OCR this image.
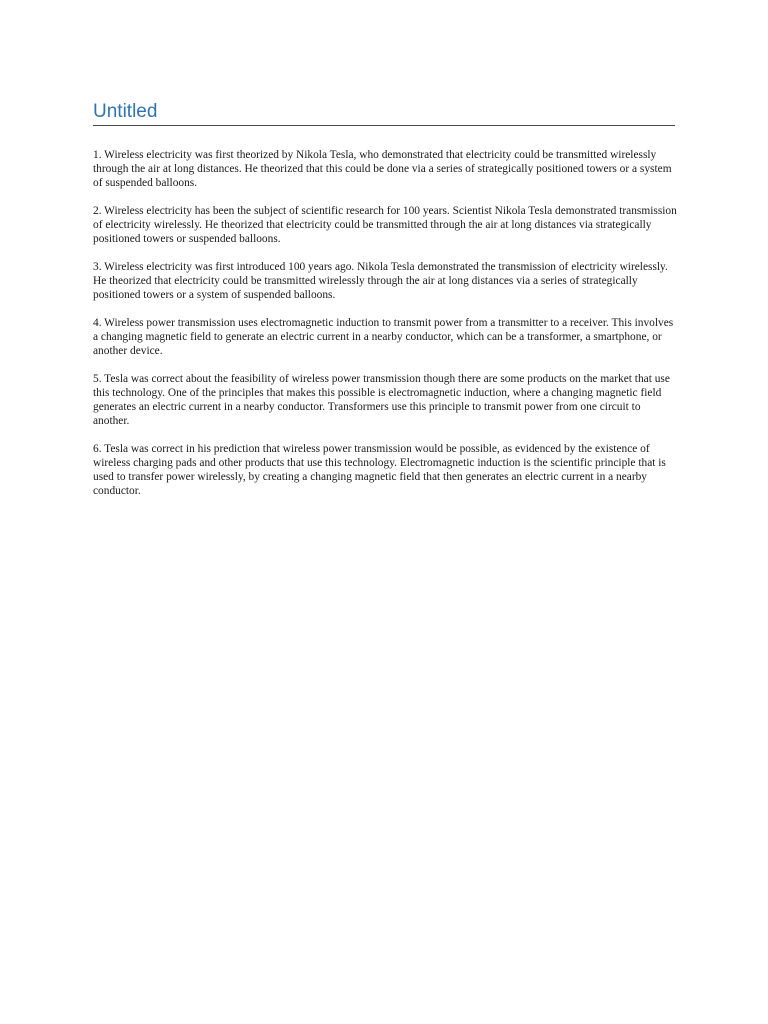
Untitled

1. Wireless electricity was first theorized by Nikola Tesla, who demonstrated that electricity could be transmitted wirelessly through the air at long distances. He theorized that this could be done via a series of strategically positioned towers or a system of suspended balloons.

2. Wireless electricity has been the subject of scientific research for 100 years. Scientist Nikola Tesla demonstrated transmission of electricity wirelessly. He theorized that electricity could be transmitted through the air at long distances via strategically positioned towers or suspended balloons.

3. Wireless electricity was first introduced 100 years ago. Nikola Tesla demonstrated the transmission of electricity wirelessly. He theorized that electricity could be transmitted wirelessly through the air at long distances via a series of strategically positioned towers or a system of suspended balloons.

4. Wireless power transmission uses electromagnetic induction to transmit power from a transmitter to a receiver. This involves a changing magnetic field to generate an electric current in a nearby conductor, which can be a transformer, a smartphone, or another device.

5. Tesla was correct about the feasibility of wireless power transmission though there are some products on the market that use this technology. One of the principles that makes this possible is electromagnetic induction, where a changing magnetic field generates an electric current in a nearby conductor. Transformers use this principle to transmit power from one circuit to another.

6. Tesla was correct in his prediction that wireless power transmission would be possible, as evidenced by the existence of wireless charging pads and other products that use this technology. Electromagnetic induction is the scientific principle that is used to transfer power wirelessly, by creating a changing magnetic field that then generates an electric current in a nearby conductor.
